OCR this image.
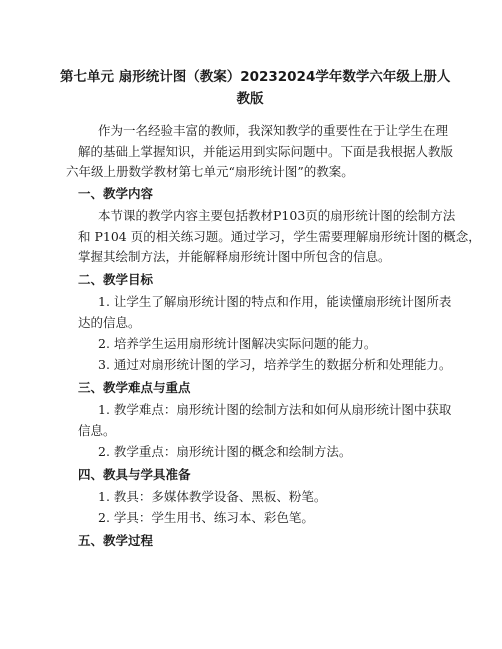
第七单元 扇形统计图（教案）20232024学年数学六年级上册人
教版
作为一名经验丰富的教师，我深知教学的重要性在于让学生在理
解的基础上掌握知识，并能运用到实际问题中。下面是我根据人教版
六年级上册数学教材第七单元“扇形统计图”的教案。
一、教学内容
本节课的教学内容主要包括教材P103页的扇形统计图的绘制方法
和 P104 页的相关练习题。通过学习，学生需要理解扇形统计图的概念，
掌握其绘制方法，并能解释扇形统计图中所包含的信息。
二、教学目标
1. 让学生了解扇形统计图的特点和作用，能读懂扇形统计图所表
达的信息。
2. 培养学生运用扇形统计图解决实际问题的能力。
3. 通过对扇形统计图的学习，培养学生的数据分析和处理能力。
三、教学难点与重点
1. 教学难点：扇形统计图的绘制方法和如何从扇形统计图中获取
信息。
2. 教学重点：扇形统计图的概念和绘制方法。
四、教具与学具准备
1. 教具：多媒体教学设备、黑板、粉笔。
2. 学具：学生用书、练习本、彩色笔。
五、教学过程
